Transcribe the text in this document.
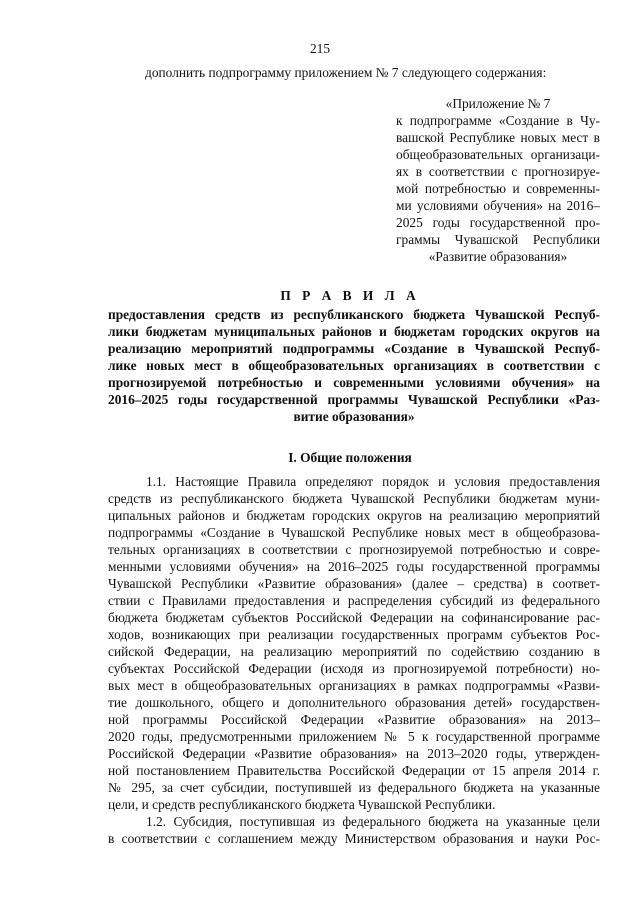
215
дополнить подпрограмму приложением № 7 следующего содержания:
«Приложение № 7
к подпрограмме «Создание в Чу-
вашской Республике новых мест в
общеобразовательных организаци-
ях в соответствии с прогнозируе-
мой потребностью и современны-
ми условиями обучения» на 2016–
2025 годы государственной про-
граммы Чувашской Республики
«Развитие образования»
П Р А В И Л А
предоставления средств из республиканского бюджета Чувашской Респуб-
лики бюджетам муниципальных районов и бюджетам городских округов на
реализацию мероприятий подпрограммы «Создание в Чувашской Респуб-
лике новых мест в общеобразовательных организациях в соответствии с
прогнозируемой потребностью и современными условиями обучения» на
2016–2025 годы государственной программы Чувашской Республики «Раз-
витие образования»
I. Общие положения
1.1. Настоящие Правила определяют порядок и условия предоставления
средств из республиканского бюджета Чувашской Республики бюджетам муни-
ципальных районов и бюджетам городских округов на реализацию мероприятий
подпрограммы «Создание в Чувашской Республике новых мест в общеобразова-
тельных организациях в соответствии с прогнозируемой потребностью и совре-
менными условиями обучения» на 2016–2025 годы государственной программы
Чувашской Республики «Развитие образования» (далее – средства) в соответ-
ствии с Правилами предоставления и распределения субсидий из федерального
бюджета бюджетам субъектов Российской Федерации на софинансирование рас-
ходов, возникающих при реализации государственных программ субъектов Рос-
сийской Федерации, на реализацию мероприятий по содействию созданию в
субъектах Российской Федерации (исходя из прогнозируемой потребности) но-
вых мест в общеобразовательных организациях в рамках подпрограммы «Разви-
тие дошкольного, общего и дополнительного образования детей» государствен-
ной программы Российской Федерации «Развитие образования» на 2013–
2020 годы, предусмотренными приложением № 5 к государственной программе
Российской Федерации «Развитие образования» на 2013–2020 годы, утвержден-
ной постановлением Правительства Российской Федерации от 15 апреля 2014 г.
№ 295, за счет субсидии, поступившей из федерального бюджета на указанные
цели, и средств республиканского бюджета Чувашской Республики.
1.2. Субсидия, поступившая из федерального бюджета на указанные цели
в соответствии с соглашением между Министерством образования и науки Рос-
